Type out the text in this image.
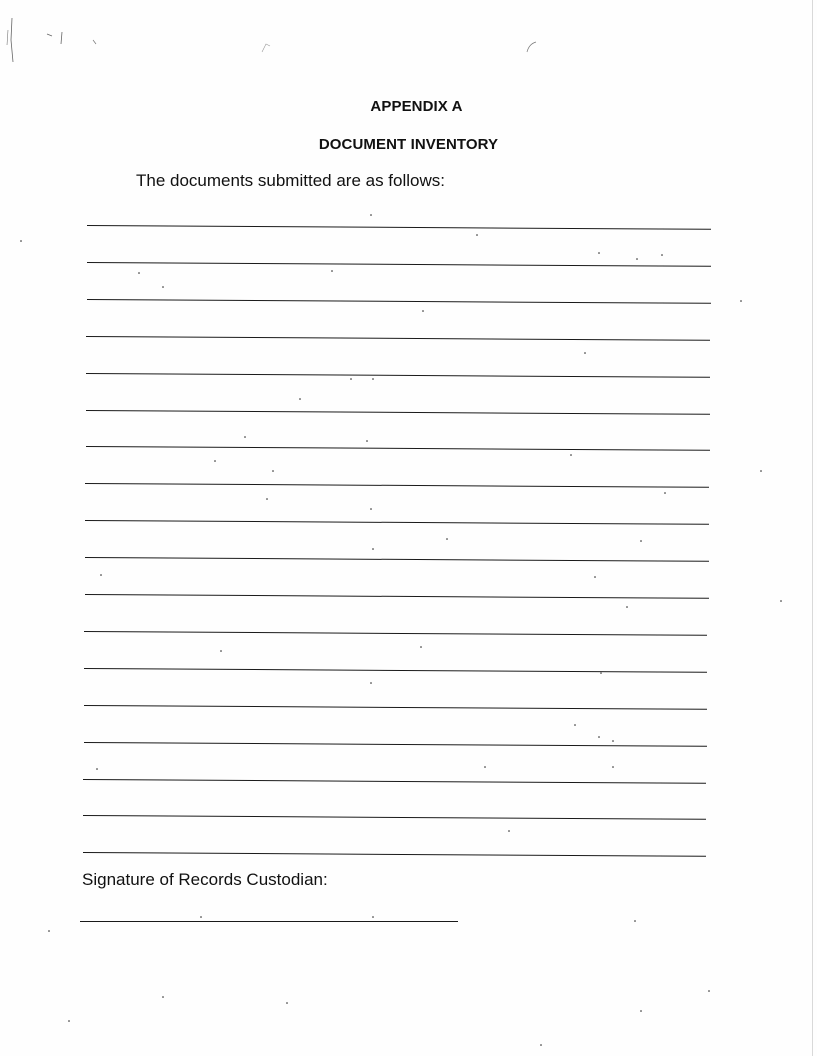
APPENDIX A
DOCUMENT INVENTORY
The documents submitted are as follows:
Signature of Records Custodian:
